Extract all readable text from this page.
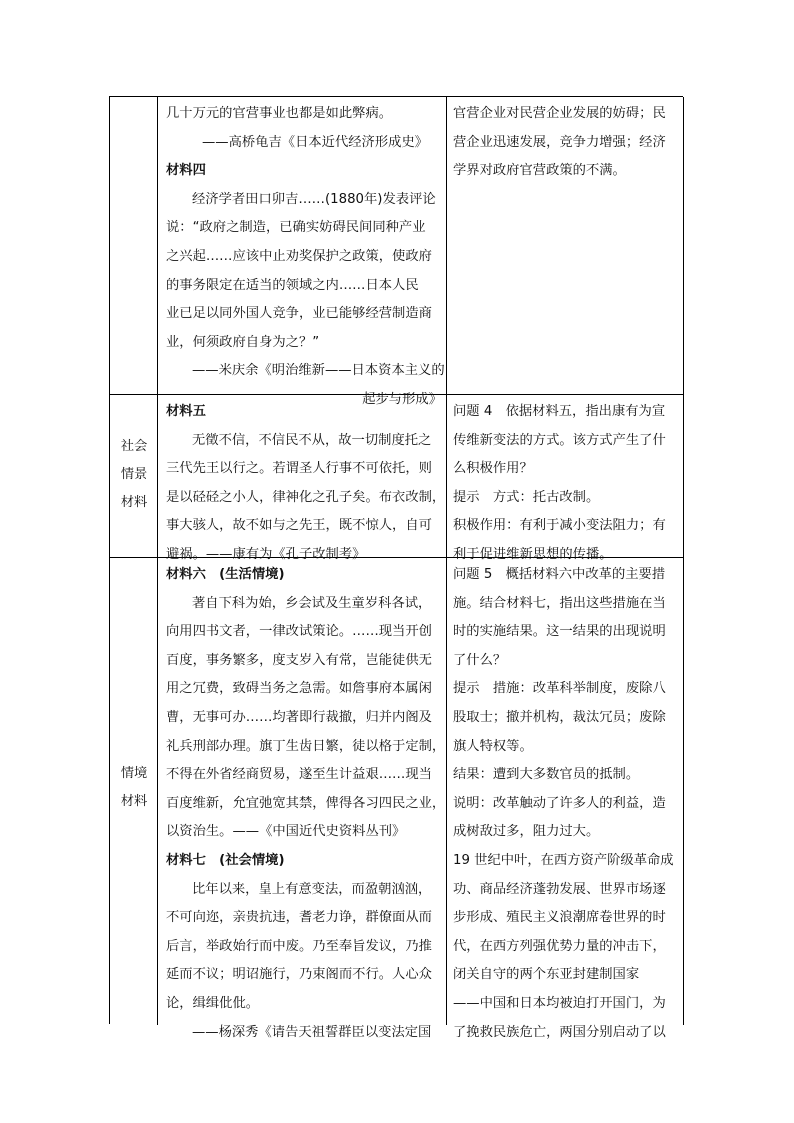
几十万元的官营事业也都是如此弊病。
——高桥龟吉《日本近代经济形成史》
材料四
经济学者田口卯吉……(1880年)发表评论
说：“政府之制造，已确实妨碍民间同种产业
之兴起……应该中止劝奖保护之政策，使政府
的事务限定在适当的领域之内……日本人民
业已足以同外国人竞争，业已能够经营制造商
业，何须政府自身为之？”
——米庆余《明治维新——日本资本主义的
起步与形成》
官营企业对民营企业发展的妨碍；民
营企业迅速发展，竞争力增强；经济
学界对政府官营政策的不满。
社会
情景
材料
材料五
无徵不信，不信民不从，故一切制度托之
三代先王以行之。若谓圣人行事不可依托，则
是以硁硁之小人，律神化之孔子矣。布衣改制，
事大骇人，故不如与之先王，既不惊人，自可
避祸。——康有为《孔子改制考》
问题 4　依据材料五，指出康有为宣
传维新变法的方式。该方式产生了什
么积极作用？
提示　方式：托古改制。
积极作用：有利于减小变法阻力；有
利于促进维新思想的传播。
情境
材料
材料六　(生活情境)
著自下科为始，乡会试及生童岁科各试，
向用四书文者，一律改试策论。……现当开创
百度，事务繁多，度支岁入有常，岂能徒供无
用之冗费，致碍当务之急需。如詹事府本属闲
曹，无事可办……均著即行裁撤，归并内阁及
礼兵刑部办理。旗丁生齿日繁，徒以格于定制，
不得在外省经商贸易，遂至生计益艰……现当
百度维新，允宜弛宽其禁，俾得各习四民之业，
以资治生。——《中国近代史资料丛刊》
材料七　(社会情境)
比年以来，皇上有意变法，而盈朝汹汹，
不可向迩，亲贵抗违，耆老力诤，群僚面从而
后言，举政始行而中废。乃至奉旨发议，乃推
延而不议；明诏施行，乃束阁而不行。人心众
论，缉缉仳仳。
——杨深秀《请告天祖誓群臣以变法定国
问题 5　概括材料六中改革的主要措
施。结合材料七，指出这些措施在当
时的实施结果。这一结果的出现说明
了什么？
提示　措施：改革科举制度，废除八
股取士；撤并机构，裁汰冗员；废除
旗人特权等。
结果：遭到大多数官员的抵制。
说明：改革触动了许多人的利益，造
成树敌过多，阻力过大。
19 世纪中叶，在西方资产阶级革命成
功、商品经济蓬勃发展、世界市场逐
步形成、殖民主义浪潮席卷世界的时
代，在西方列强优势力量的冲击下，
闭关自守的两个东亚封建制国家
——中国和日本均被迫打开国门，为
了挽救民族危亡，两国分别启动了以
